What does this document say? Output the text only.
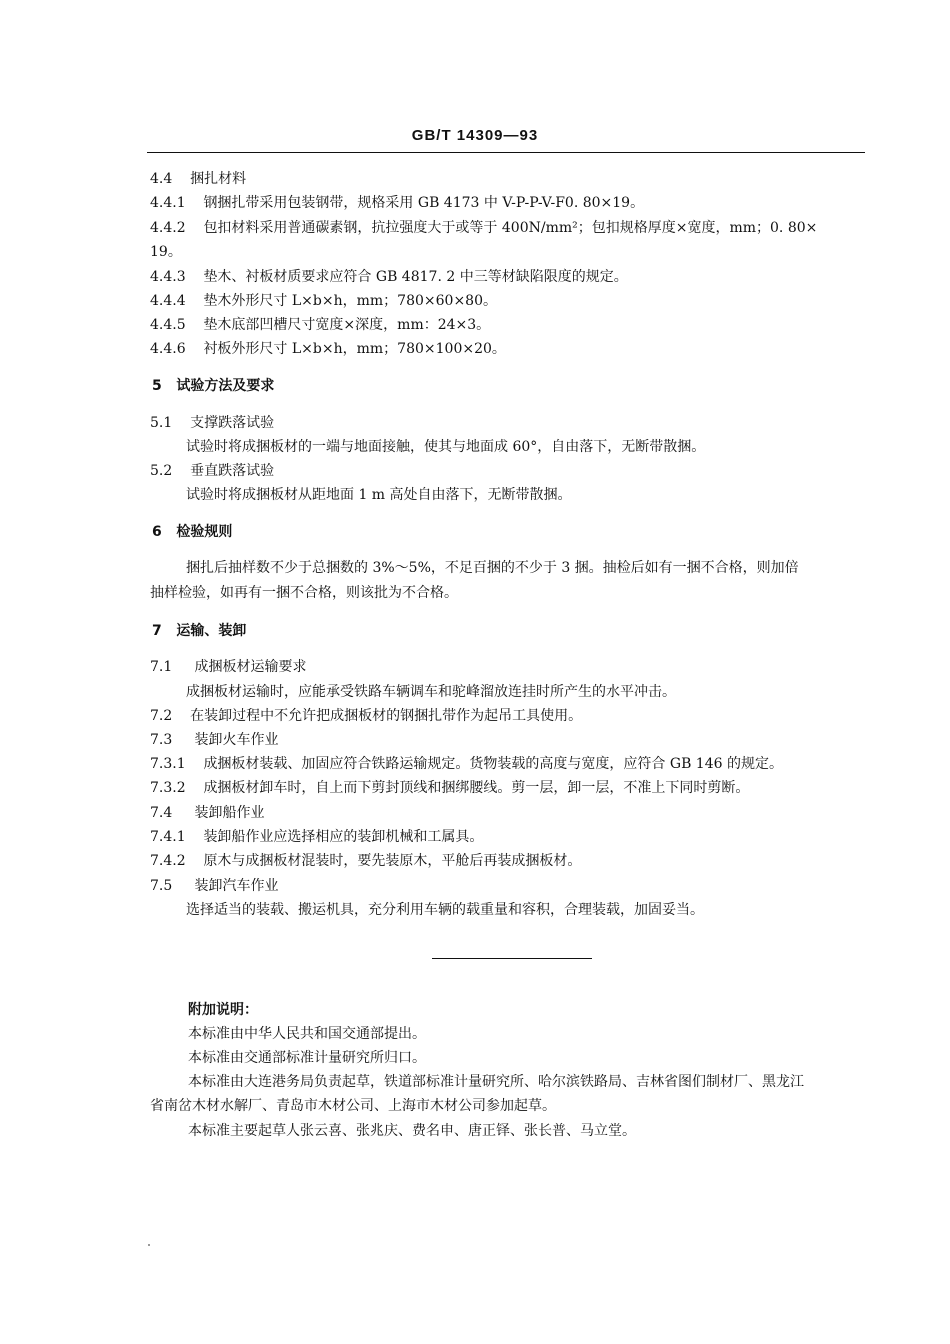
GB/T 14309—93
4.4 捆扎材料
4.4.1 钢捆扎带采用包装钢带，规格采用 GB 4173 中 V-P-P-V-F0. 80×19。
4.4.2 包扣材料采用普通碳素钢，抗拉强度大于或等于 400N/mm²；包扣规格厚度×宽度，mm；0. 80×
19。
4.4.3 垫木、衬板材质要求应符合 GB 4817. 2 中三等材缺陷限度的规定。
4.4.4 垫木外形尺寸 L×b×h，mm；780×60×80。
4.4.5 垫木底部凹槽尺寸宽度×深度，mm：24×3。
4.4.6 衬板外形尺寸 L×b×h，mm；780×100×20。
5 试验方法及要求
5.1 支撑跌落试验
试验时将成捆板材的一端与地面接触，使其与地面成 60°，自由落下，无断带散捆。
5.2 垂直跌落试验
试验时将成捆板材从距地面 1 m 高处自由落下，无断带散捆。
6 检验规则
捆扎后抽样数不少于总捆数的 3%～5%，不足百捆的不少于 3 捆。抽检后如有一捆不合格，则加倍
抽样检验，如再有一捆不合格，则该批为不合格。
7 运输、装卸
7.1 成捆板材运输要求
成捆板材运输时，应能承受铁路车辆调车和驼峰溜放连挂时所产生的水平冲击。
7.2 在装卸过程中不允许把成捆板材的钢捆扎带作为起吊工具使用。
7.3 装卸火车作业
7.3.1 成捆板材装载、加固应符合铁路运输规定。货物装载的高度与宽度，应符合 GB 146 的规定。
7.3.2 成捆板材卸车时，自上而下剪封顶线和捆绑腰线。剪一层，卸一层，不准上下同时剪断。
7.4 装卸船作业
7.4.1 装卸船作业应选择相应的装卸机械和工属具。
7.4.2 原木与成捆板材混装时，要先装原木，平舱后再装成捆板材。
7.5 装卸汽车作业
选择适当的装载、搬运机具，充分利用车辆的载重量和容积，合理装载，加固妥当。
附加说明：
本标准由中华人民共和国交通部提出。
本标准由交通部标准计量研究所归口。
本标准由大连港务局负责起草，铁道部标准计量研究所、哈尔滨铁路局、吉林省图们制材厂、黑龙江
省南岔木材水解厂、青岛市木材公司、上海市木材公司参加起草。
本标准主要起草人张云喜、张兆庆、费名申、唐正铎、张长普、马立堂。
